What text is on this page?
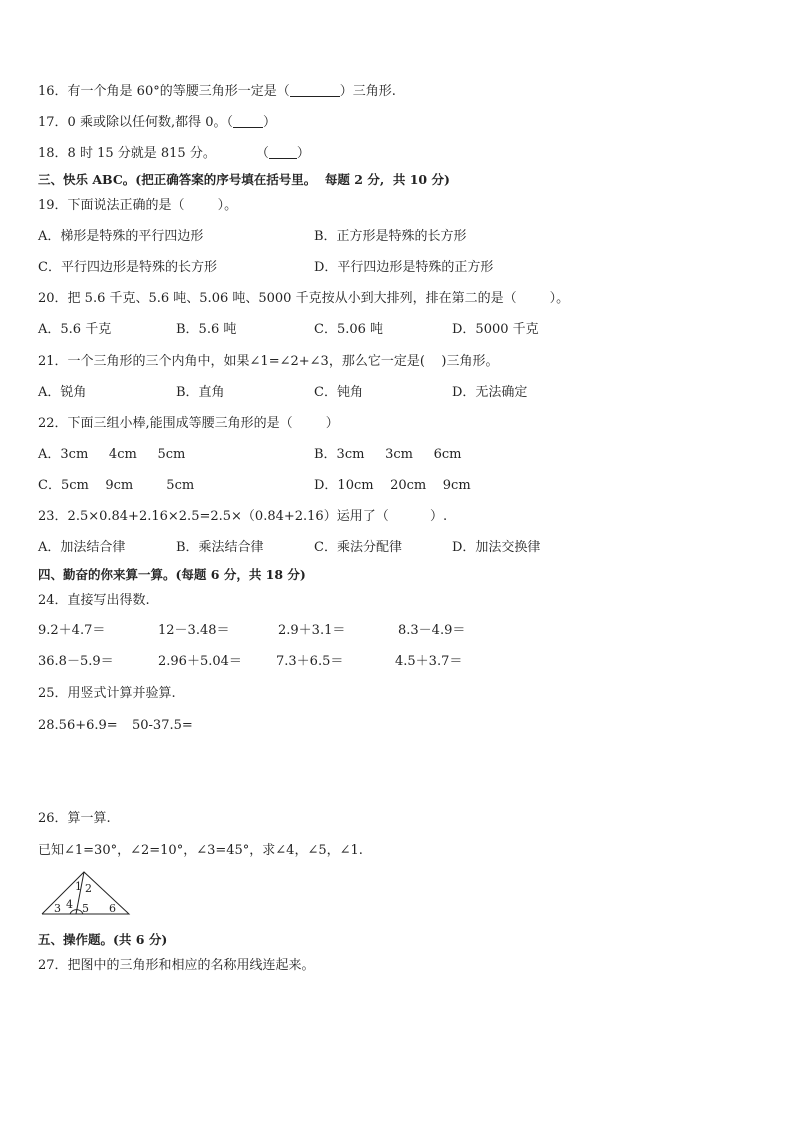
16．有一个角是 60°的等腰三角形一定是（	）三角形.
17．0 乘或除以任何数,都得 0。（ ）
18．8 时 15 分就是 815 分。	（ ）
三、快乐 ABC。(把正确答案的序号填在括号里。  每题 2 分,  共 10 分)
19．下面说法正确的是（        ）。
A．梯形是特殊的平行四边形	B．正方形是特殊的长方形
C．平行四边形是特殊的长方形	D．平行四边形是特殊的正方形
20．把 5.6 千克、5.6 吨、5.06 吨、5000 千克按从小到大排列，排在第二的是（        ）。
A．5.6 千克	B．5.6 吨	C．5.06 吨	D．5000 千克
21．一个三角形的三个内角中，如果∠1=∠2+∠3，那么它一定是(    )三角形。
A．锐角	B．直角	C．钝角	D．无法确定
22．下面三组小棒,能围成等腰三角形的是（        ）
A．3cm     4cm     5cm	B．3cm     3cm     6cm
C．5cm    9cm        5cm	D．10cm    20cm    9cm
23．2.5×0.84+2.16×2.5=2.5×（0.84+2.16）运用了（          ）.
A．加法结合律	B．乘法结合律	C．乘法分配律	D．加法交换律
四、勤奋的你来算一算。(每题 6 分，共 18 分)
24．直接写出得数.
9.2＋4.7＝	12－3.48＝	2.9＋3.1＝	8.3－4.9＝
36.8－5.9＝	2.96＋5.04＝	7.3＋6.5＝	4.5＋3.7＝
25．用竖式计算并验算.
28.56+6.9= 50-37.5=
26．算一算.
已知∠1=30°，∠2=10°，∠3=45°，求∠4，∠5，∠1.
1 2
3 4 5 6
五、操作题。(共 6 分)
27．把图中的三角形和相应的名称用线连起来。
